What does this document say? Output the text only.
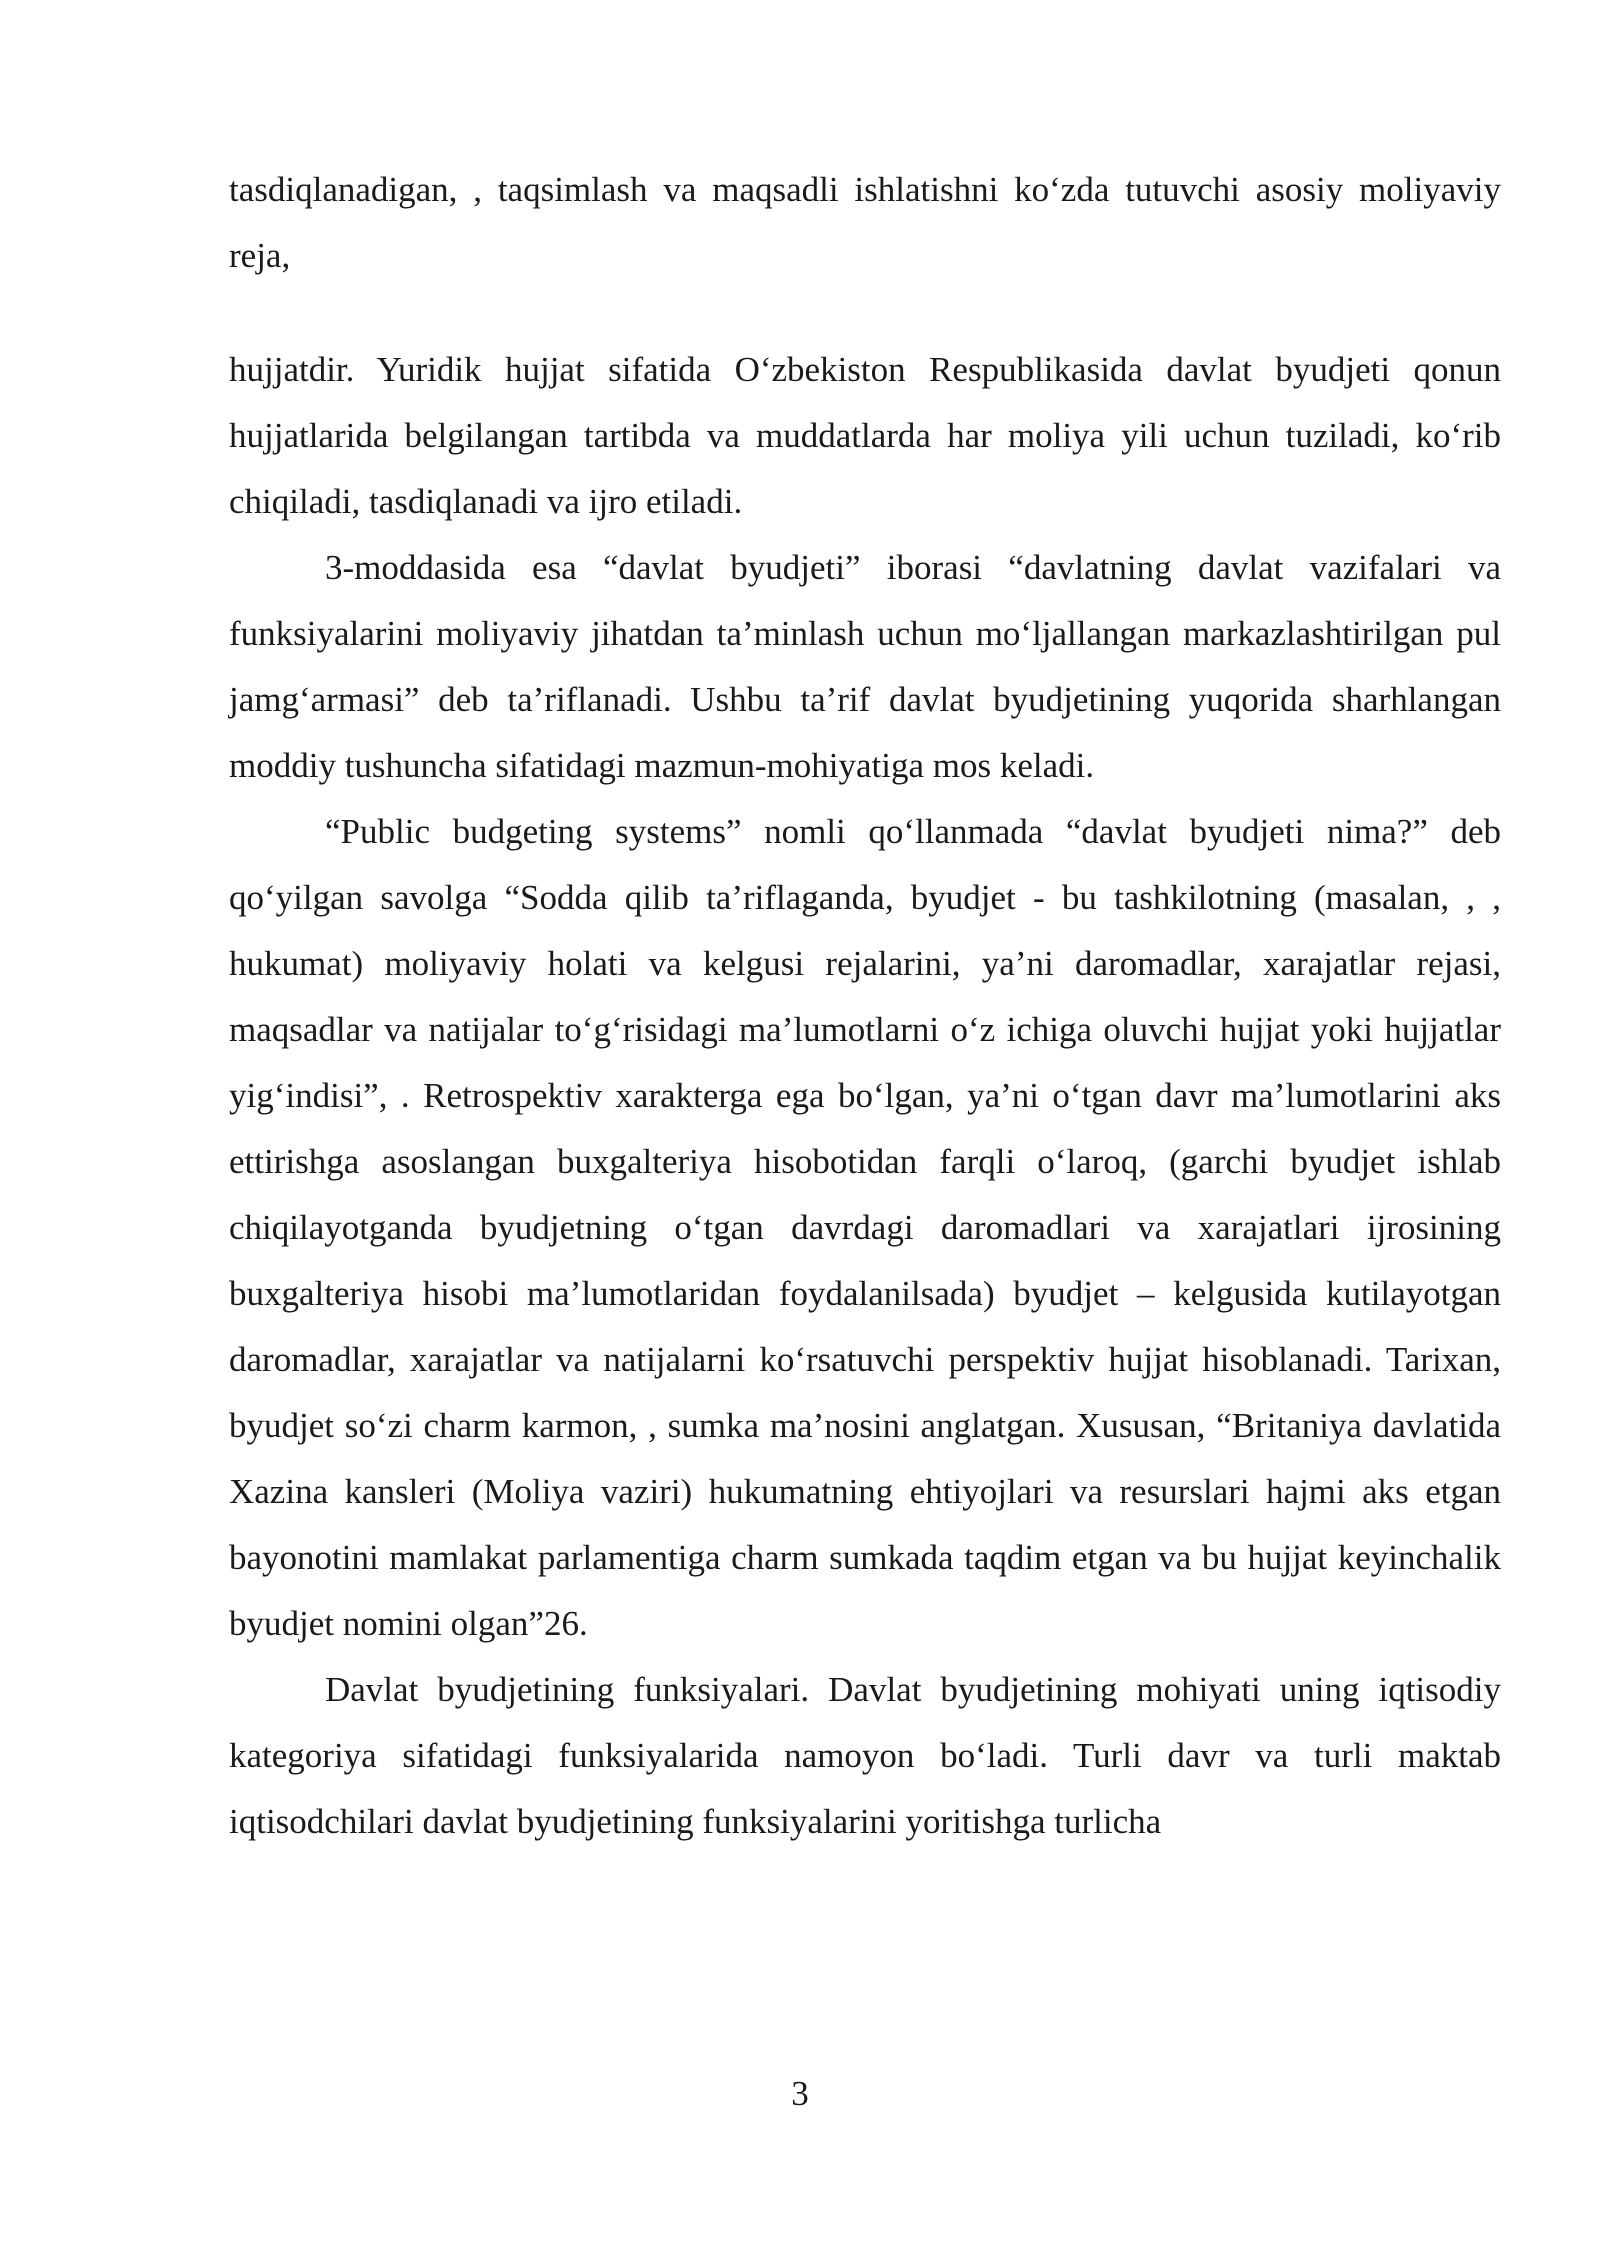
tasdiqlanadigan, , taqsimlash va maqsadli ishlatishni ko‘zda tutuvchi asosiy moliyaviy reja,

hujjatdir. Yuridik hujjat sifatida O‘zbekiston Respublikasida davlat byudjeti qonun hujjatlarida belgilangan tartibda va muddatlarda har moliya yili uchun tuziladi, ko‘rib chiqiladi, tasdiqlanadi va ijro etiladi.

3-moddasida esa “davlat byudjeti” iborasi “davlatning davlat vazifalari va funksiyalarini moliyaviy jihatdan ta’minlash uchun mo‘ljallangan markazlashtirilgan pul jamg‘armasi” deb ta’riflanadi. Ushbu ta’rif davlat byudjetining yuqorida sharhlangan moddiy tushuncha sifatidagi mazmun-mohiyatiga mos keladi.

“Public budgeting systems” nomli qo‘llanmada “davlat byudjeti nima?” deb qo‘yilgan savolga “Sodda qilib ta’riflaganda, byudjet - bu tashkilotning (masalan, , , hukumat) moliyaviy holati va kelgusi rejalarini, ya’ni daromadlar, xarajatlar rejasi, maqsadlar va natijalar to‘g‘risidagi ma’lumotlarni o‘z ichiga oluvchi hujjat yoki hujjatlar yig‘indisi”, . Retrospektiv xarakterga ega bo‘lgan, ya’ni o‘tgan davr ma’lumotlarini aks ettirishga asoslangan buxgalteriya hisobotidan farqli o‘laroq, (garchi byudjet ishlab chiqilayotganda byudjetning o‘tgan davrdagi daromadlari va xarajatlari ijrosining buxgalteriya hisobi ma’lumotlaridan foydalanilsada) byudjet – kelgusida kutilayotgan daromadlar, xarajatlar va natijalarni ko‘rsatuvchi perspektiv hujjat hisoblanadi. Tarixan, byudjet so‘zi charm karmon, , sumka ma’nosini anglatgan. Xususan, “Britaniya davlatida Xazina kansleri (Moliya vaziri) hukumatning ehtiyojlari va resurslari hajmi aks etgan bayonotini mamlakat parlamentiga charm sumkada taqdim etgan va bu hujjat keyinchalik byudjet nomini olgan”26.

Davlat byudjetining funksiyalari. Davlat byudjetining mohiyati uning iqtisodiy kategoriya sifatidagi funksiyalarida namoyon bo‘ladi. Turli davr va turli maktab iqtisodchilari davlat byudjetining funksiyalarini yoritishga turlicha

3
